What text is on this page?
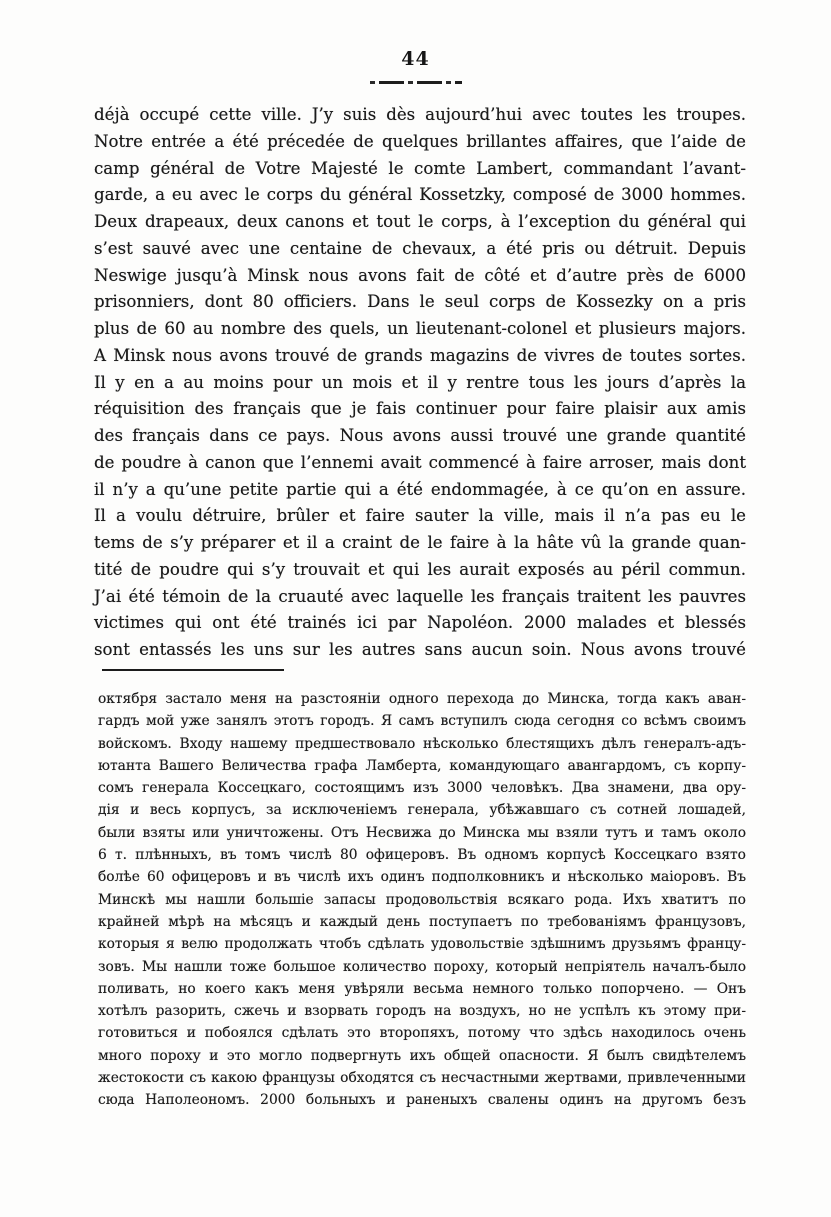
44
déjà occupé cette ville. J’y suis dès aujourd’hui avec toutes les troupes.
Notre entrée a été précedée de quelques brillantes affaires, que l’aide de
camp général de Votre Majesté le comte Lambert, commandant l’avant-
garde, a eu avec le corps du général Kossetzky, composé de 3000 hommes.
Deux drapeaux, deux canons et tout le corps, à l’exception du général qui
s’est sauvé avec une centaine de chevaux, a été pris ou détruit. Depuis
Neswige jusqu’à Minsk nous avons fait de côté et d’autre près de 6000
prisonniers, dont 80 officiers. Dans le seul corps de Kossezky on a pris
plus de 60 au nombre des quels, un lieutenant-colonel et plusieurs majors.
A Minsk nous avons trouvé de grands magazins de vivres de toutes sortes.
Il y en a au moins pour un mois et il y rentre tous les jours d’après la
réquisition des français que je fais continuer pour faire plaisir aux amis
des français dans ce pays. Nous avons aussi trouvé une grande quantité
de poudre à canon que l’ennemi avait commencé à faire arroser, mais dont
il n’y a qu’une petite partie qui a été endommagée, à ce qu’on en assure.
Il a voulu détruire, brûler et faire sauter la ville, mais il n’a pas eu le
tems de s’y préparer et il a craint de le faire à la hâte vû la grande quan-
tité de poudre qui s’y trouvait et qui les aurait exposés au péril commun.
J’ai été témoin de la cruauté avec laquelle les français traitent les pauvres
victimes qui ont été trainés ici par Napoléon. 2000 malades et blessés
sont entassés les uns sur les autres sans aucun soin. Nous avons trouvé
октября застало меня на разстояніи одного перехода до Минска, тогда какъ аван-
гардъ мой уже занялъ этотъ городъ. Я самъ вступилъ сюда сегодня со всѣмъ своимъ
войскомъ. Входу нашему предшествовало нѣсколько блестящихъ дѣлъ генералъ-адъ-
ютанта Вашего Величества графа Ламберта, командующаго авангардомъ, съ корпу-
сомъ генерала Коссецкаго, состоящимъ изъ 3000 человѣкъ. Два знамени, два ору-
дія и весь корпусъ, за исключеніемъ генерала, убѣжавшаго съ сотней лошадей,
были взяты или уничтожены. Отъ Несвижа до Минска мы взяли тутъ и тамъ около
6 т. плѣнныхъ, въ томъ числѣ 80 офицеровъ. Въ одномъ корпусѣ Коссецкаго взято
болѣе 60 офицеровъ и въ числѣ ихъ одинъ подполковникъ и нѣсколько маіоровъ. Въ
Минскѣ мы нашли большіе запасы продовольствія всякаго рода. Ихъ хватитъ по
крайней мѣрѣ на мѣсяцъ и каждый день поступаетъ по требованіямъ французовъ,
которыя я велю продолжать чтобъ сдѣлать удовольствіе здѣшнимъ друзьямъ францу-
зовъ. Мы нашли тоже большое количество пороху, который непріятель началъ-было
поливать, но коего какъ меня увѣряли весьма немного только попорчено. — Онъ
хотѣлъ разорить, сжечь и взорвать городъ на воздухъ, но не успѣлъ къ этому при-
готовиться и побоялся сдѣлать это второпяхъ, потому что здѣсь находилось очень
много пороху и это могло подвергнуть ихъ общей опасности. Я былъ свидѣтелемъ
жестокости съ какою французы обходятся съ несчастными жертвами, привлеченными
сюда Наполеономъ. 2000 больныхъ и раненыхъ свалены одинъ на другомъ безъ
